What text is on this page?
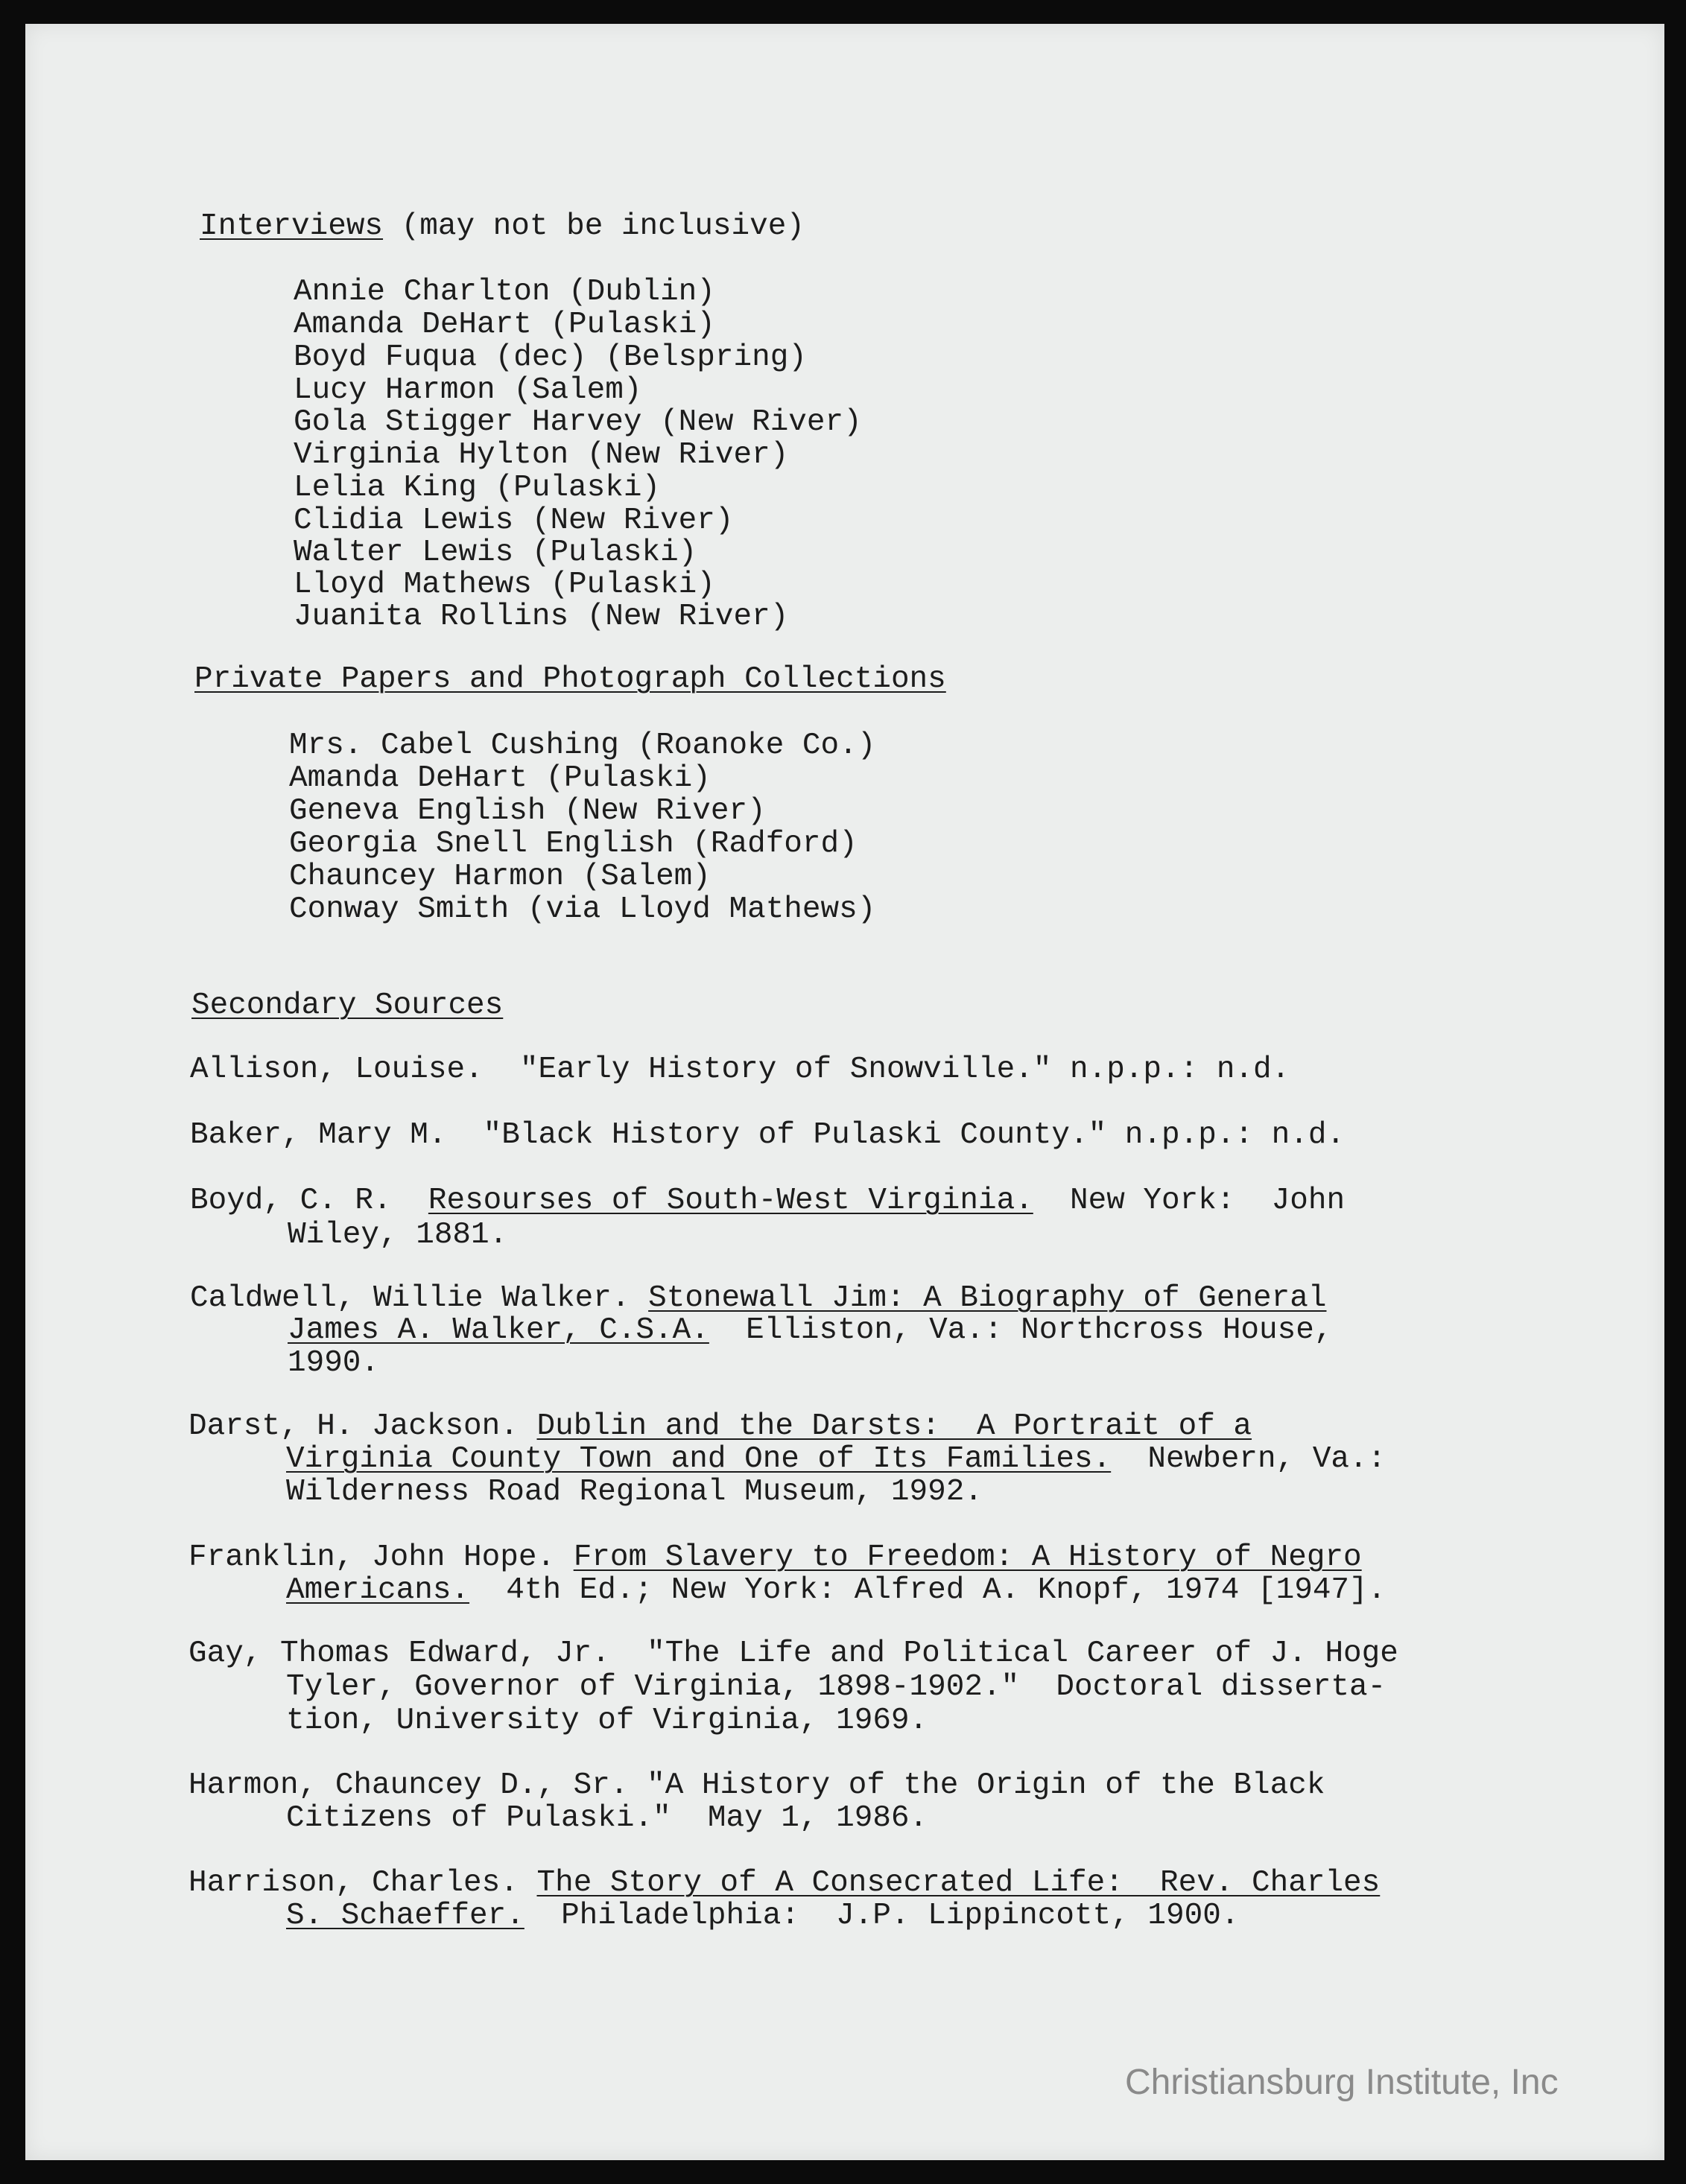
Interviews (may not be inclusive)
Annie Charlton (Dublin)
Amanda DeHart (Pulaski)
Boyd Fuqua (dec) (Belspring)
Lucy Harmon (Salem)
Gola Stigger Harvey (New River)
Virginia Hylton (New River)
Lelia King (Pulaski)
Clidia Lewis (New River)
Walter Lewis (Pulaski)
Lloyd Mathews (Pulaski)
Juanita Rollins (New River)
Private Papers and Photograph Collections
Mrs. Cabel Cushing (Roanoke Co.)
Amanda DeHart (Pulaski)
Geneva English (New River)
Georgia Snell English (Radford)
Chauncey Harmon (Salem)
Conway Smith (via Lloyd Mathews)
Secondary Sources
Allison, Louise.  "Early History of Snowville." n.p.p.: n.d.
Baker, Mary M.  "Black History of Pulaski County." n.p.p.: n.d.
Boyd, C. R.  Resourses of South-West Virginia.  New York:  John
Wiley, 1881.
Caldwell, Willie Walker. Stonewall Jim: A Biography of General
James A. Walker, C.S.A.  Elliston, Va.: Northcross House,
1990.
Darst, H. Jackson. Dublin and the Darsts:  A Portrait of a
Virginia County Town and One of Its Families.  Newbern, Va.:
Wilderness Road Regional Museum, 1992.
Franklin, John Hope. From Slavery to Freedom: A History of Negro
Americans.  4th Ed.; New York: Alfred A. Knopf, 1974 [1947].
Gay, Thomas Edward, Jr.  "The Life and Political Career of J. Hoge
Tyler, Governor of Virginia, 1898-1902."  Doctoral disserta-
tion, University of Virginia, 1969.
Harmon, Chauncey D., Sr. "A History of the Origin of the Black
Citizens of Pulaski."  May 1, 1986.
Harrison, Charles. The Story of A Consecrated Life:  Rev. Charles
S. Schaeffer.  Philadelphia:  J.P. Lippincott, 1900.
Christiansburg Institute, Inc
